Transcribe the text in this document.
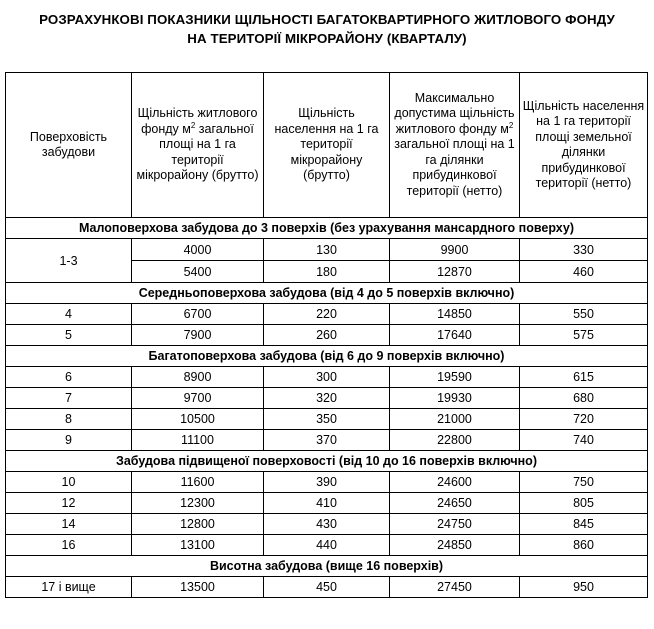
РОЗРАХУНКОВІ ПОКАЗНИКИ ЩІЛЬНОСТІ БАГАТОКВАРТИРНОГО ЖИТЛОВОГО ФОНДУ
НА ТЕРИТОРІЇ МІКРОРАЙОНУ (КВАРТАЛУ)
Поверховість забудови	Щільність житлового фонду $м^2$ загальної площі на 1 га території мікрорайону (брутто)	Щільність населення на 1 га території мікрорайону (брутто)	Максимально допустима щільність житлового фонду $м^2$ загальної площі на 1 га ділянки прибудинкової території (нетто)	Щільність населення на 1 га території площі земельної ділянки прибудинкової території (нетто)
Малоповерхова забудова до 3 поверхів (без урахування мансардного поверху)				
1-3	4000	130	9900	330
	5400	180	12870	460
Середньоповерхова забудова (від 4 до 5 поверхів включно)				
4	6700	220	14850	550
5	7900	260	17640	575
Багатоповерхова забудова (від 6 до 9 поверхів включно)				
6	8900	300	19590	615
7	9700	320	19930	680
8	10500	350	21000	720
9	11100	370	22800	740
Забудова підвищеної поверховості (від 10 до 16 поверхів включно)				
10	11600	390	24600	750
12	12300	410	24650	805
14	12800	430	24750	845
16	13100	440	24850	860
Висотна забудова (вище 16 поверхів)				
17 і вище	13500	450	27450	950
